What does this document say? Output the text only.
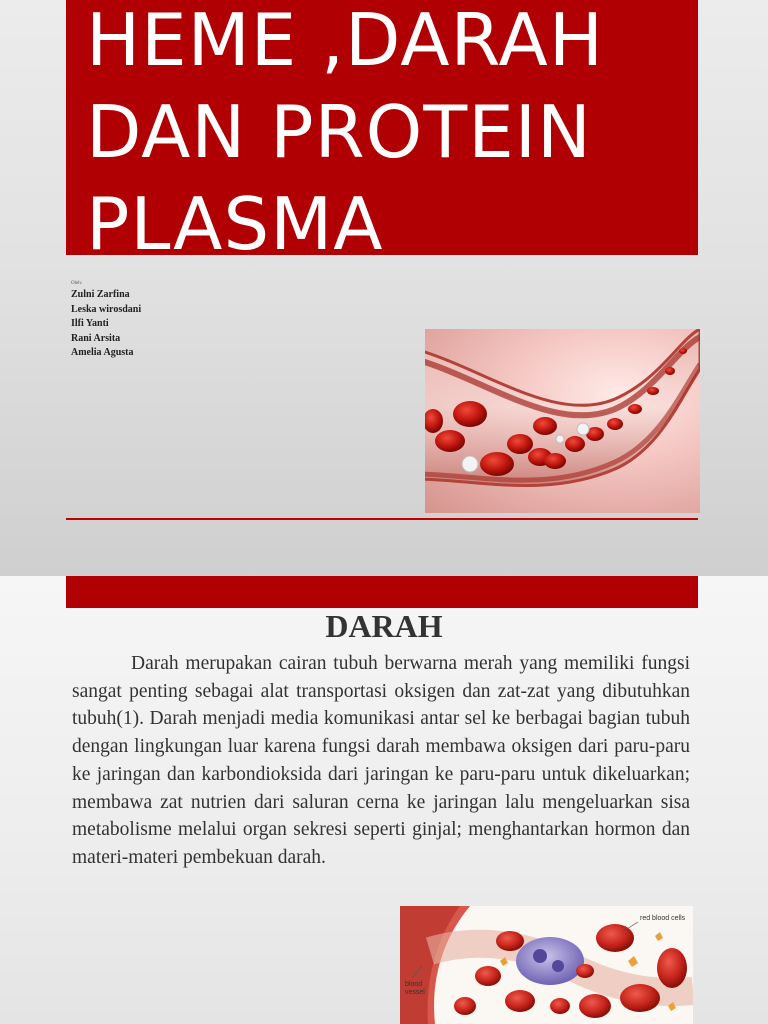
HEME ,DARAH
DAN PROTEIN
PLASMA
Oleh:
Zulni Zarfina
Leska wirosdani
Ilfi Yanti
Rani Arsita
Amelia Agusta
DARAH

Darah merupakan cairan tubuh berwarna merah yang memiliki fungsi sangat penting sebagai alat transportasi oksigen dan zat-zat yang dibutuhkan tubuh(1). Darah menjadi media komunikasi antar sel ke berbagai bagian tubuh dengan lingkungan luar karena fungsi darah membawa oksigen dari paru-paru ke jaringan dan karbondioksida dari jaringan ke paru-paru untuk dikeluarkan; membawa zat nutrien dari saluran cerna ke jaringan lalu mengeluarkan sisa metabolisme melalui organ sekresi seperti ginjal; menghantarkan hormon dan materi-materi pembekuan darah.

red blood cells
blood
vessel
